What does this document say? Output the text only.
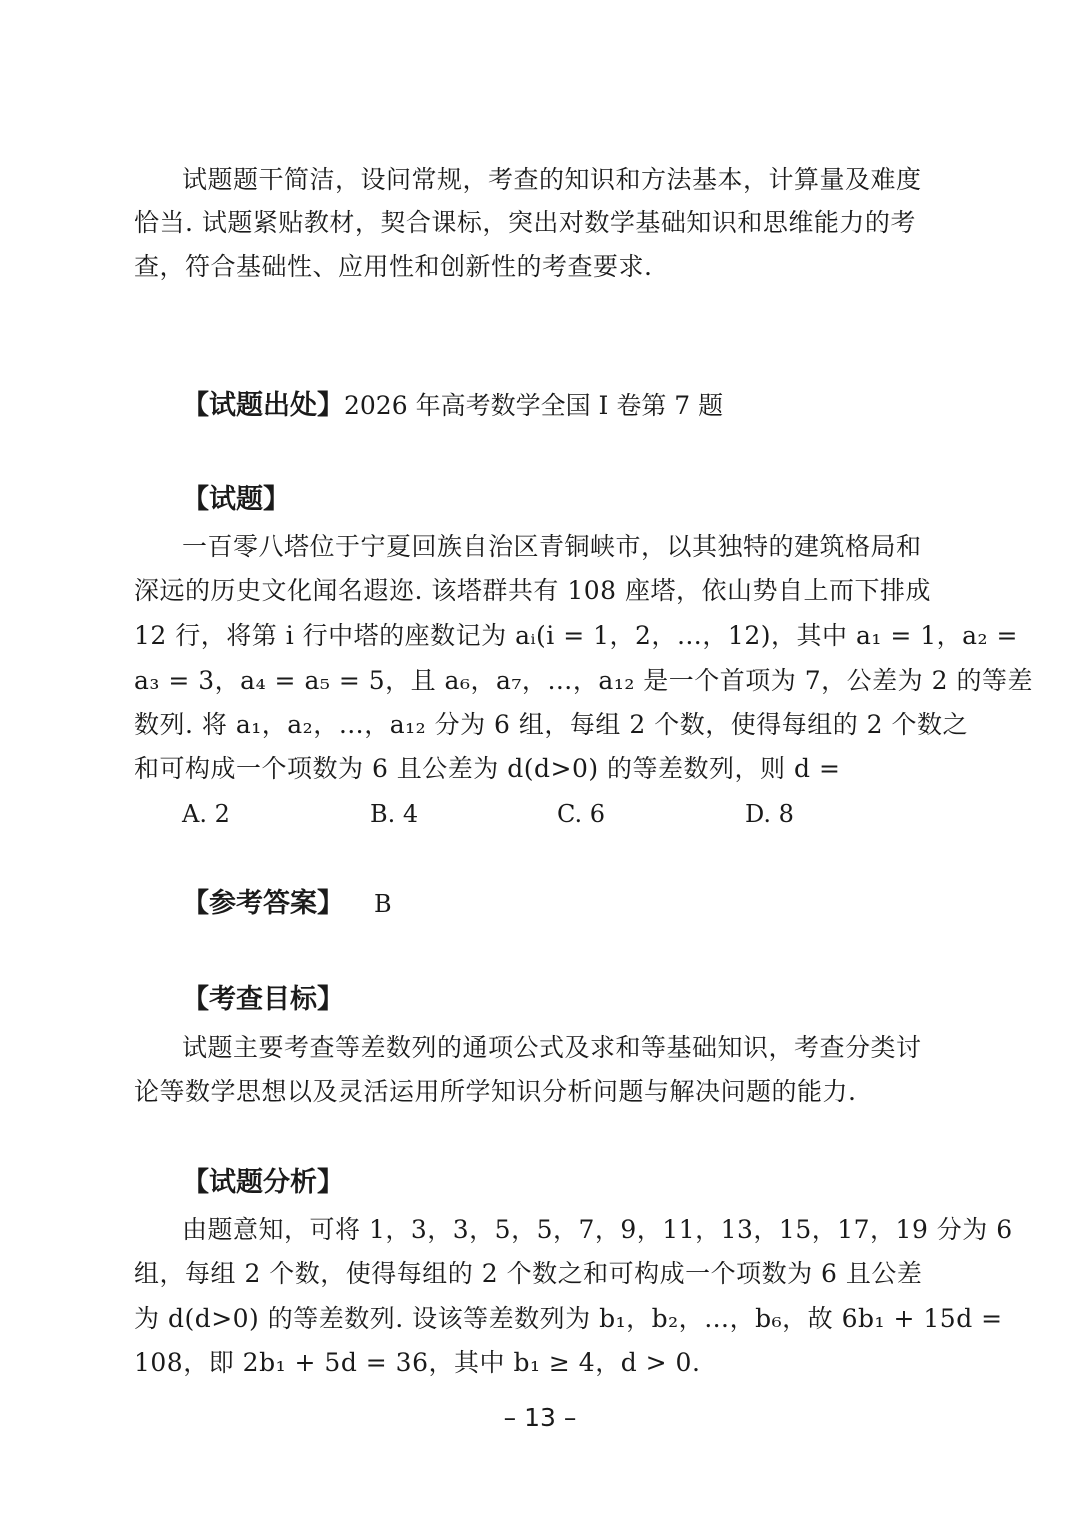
试题题干简洁，设问常规，考查的知识和方法基本，计算量及难度
恰当. 试题紧贴教材，契合课标，突出对数学基础知识和思维能力的考
查，符合基础性、应用性和创新性的考查要求.
【试题出处】2026 年高考数学全国 Ⅰ 卷第 7 题
【试题】
一百零八塔位于宁夏回族自治区青铜峡市，以其独特的建筑格局和
深远的历史文化闻名遐迩. 该塔群共有 108 座塔，依山势自上而下排成
12 行，将第 i 行中塔的座数记为 aᵢ(i = 1，2，…，12)，其中 a₁ = 1，a₂ =
a₃ = 3，a₄ = a₅ = 5，且 a₆，a₇，…，a₁₂ 是一个首项为 7，公差为 2 的等差
数列. 将 a₁，a₂，…，a₁₂ 分为 6 组，每组 2 个数，使得每组的 2 个数之
和可构成一个项数为 6 且公差为 d(d>0) 的等差数列，则 d =
A. 2	B. 4	C. 6	D. 8
【参考答案】 B
【考查目标】
试题主要考查等差数列的通项公式及求和等基础知识，考查分类讨
论等数学思想以及灵活运用所学知识分析问题与解决问题的能力.
【试题分析】
由题意知，可将 1，3，3，5，5，7，9，11，13，15，17，19 分为 6
组，每组 2 个数，使得每组的 2 个数之和可构成一个项数为 6 且公差
为 d(d>0) 的等差数列. 设该等差数列为 b₁，b₂，…，b₆，故 6b₁ + 15d =
108，即 2b₁ + 5d = 36，其中 b₁ ≥ 4，d > 0.
– 13 –
